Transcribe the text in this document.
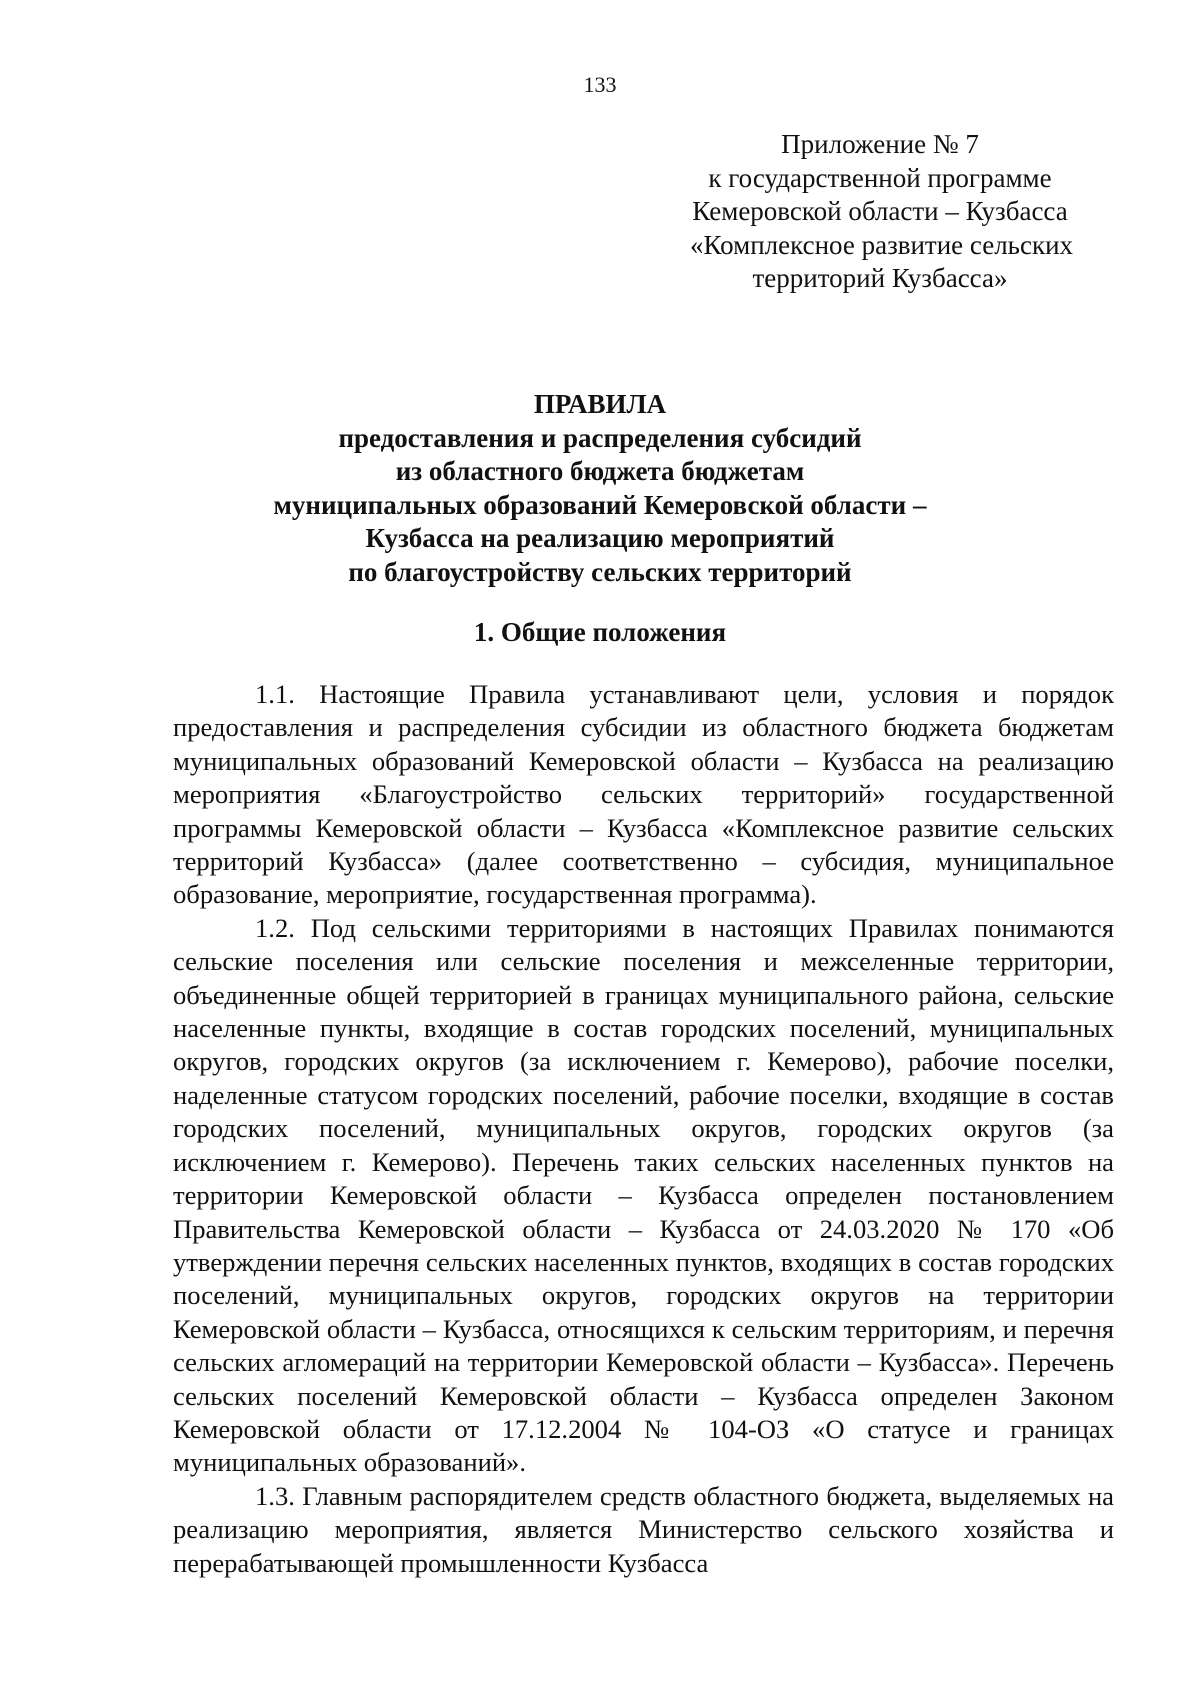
133
Приложение № 7
к государственной программе
Кемеровской области – Кузбасса
«Комплексное развитие сельских
территорий Кузбасса»
ПРАВИЛА
предоставления и распределения субсидий
из областного бюджета бюджетам
муниципальных образований Кемеровской области –
Кузбасса на реализацию мероприятий
по благоустройству сельских территорий
1. Общие положения

1.1. Настоящие Правила устанавливают цели, условия и порядок предоставления и распределения субсидии из областного бюджета бюджетам муниципальных образований Кемеровской области – Кузбасса на реализацию мероприятия «Благоустройство сельских территорий» государственной программы Кемеровской области – Кузбасса «Комплексное развитие сельских территорий Кузбасса» (далее соответственно – субсидия, муниципальное образование, мероприятие, государственная программа).

1.2. Под сельскими территориями в настоящих Правилах понимаются сельские поселения или сельские поселения и межселенные территории, объединенные общей территорией в границах муниципального района, сельские населенные пункты, входящие в состав городских поселений, муниципальных округов, городских округов (за исключением г. Кемерово), рабочие поселки, наделенные статусом городских поселений, рабочие поселки, входящие в состав городских поселений, муниципальных округов, городских округов (за исключением г. Кемерово). Перечень таких сельских населенных пунктов на территории Кемеровской области – Кузбасса определен постановлением Правительства Кемеровской области – Кузбасса от 24.03.2020 № 170 «Об утверждении перечня сельских населенных пунктов, входящих в состав городских поселений, муниципальных округов, городских округов на территории Кемеровской области – Кузбасса, относящихся к сельским территориям, и перечня сельских агломераций на территории Кемеровской области – Кузбасса». Перечень сельских поселений Кемеровской области – Кузбасса определен Законом Кемеровской области от 17.12.2004 № 104-ОЗ «О статусе и границах муниципальных образований».

1.3. Главным распорядителем средств областного бюджета, выделяемых на реализацию мероприятия, является Министерство сельского хозяйства и перерабатывающей промышленности Кузбасса
